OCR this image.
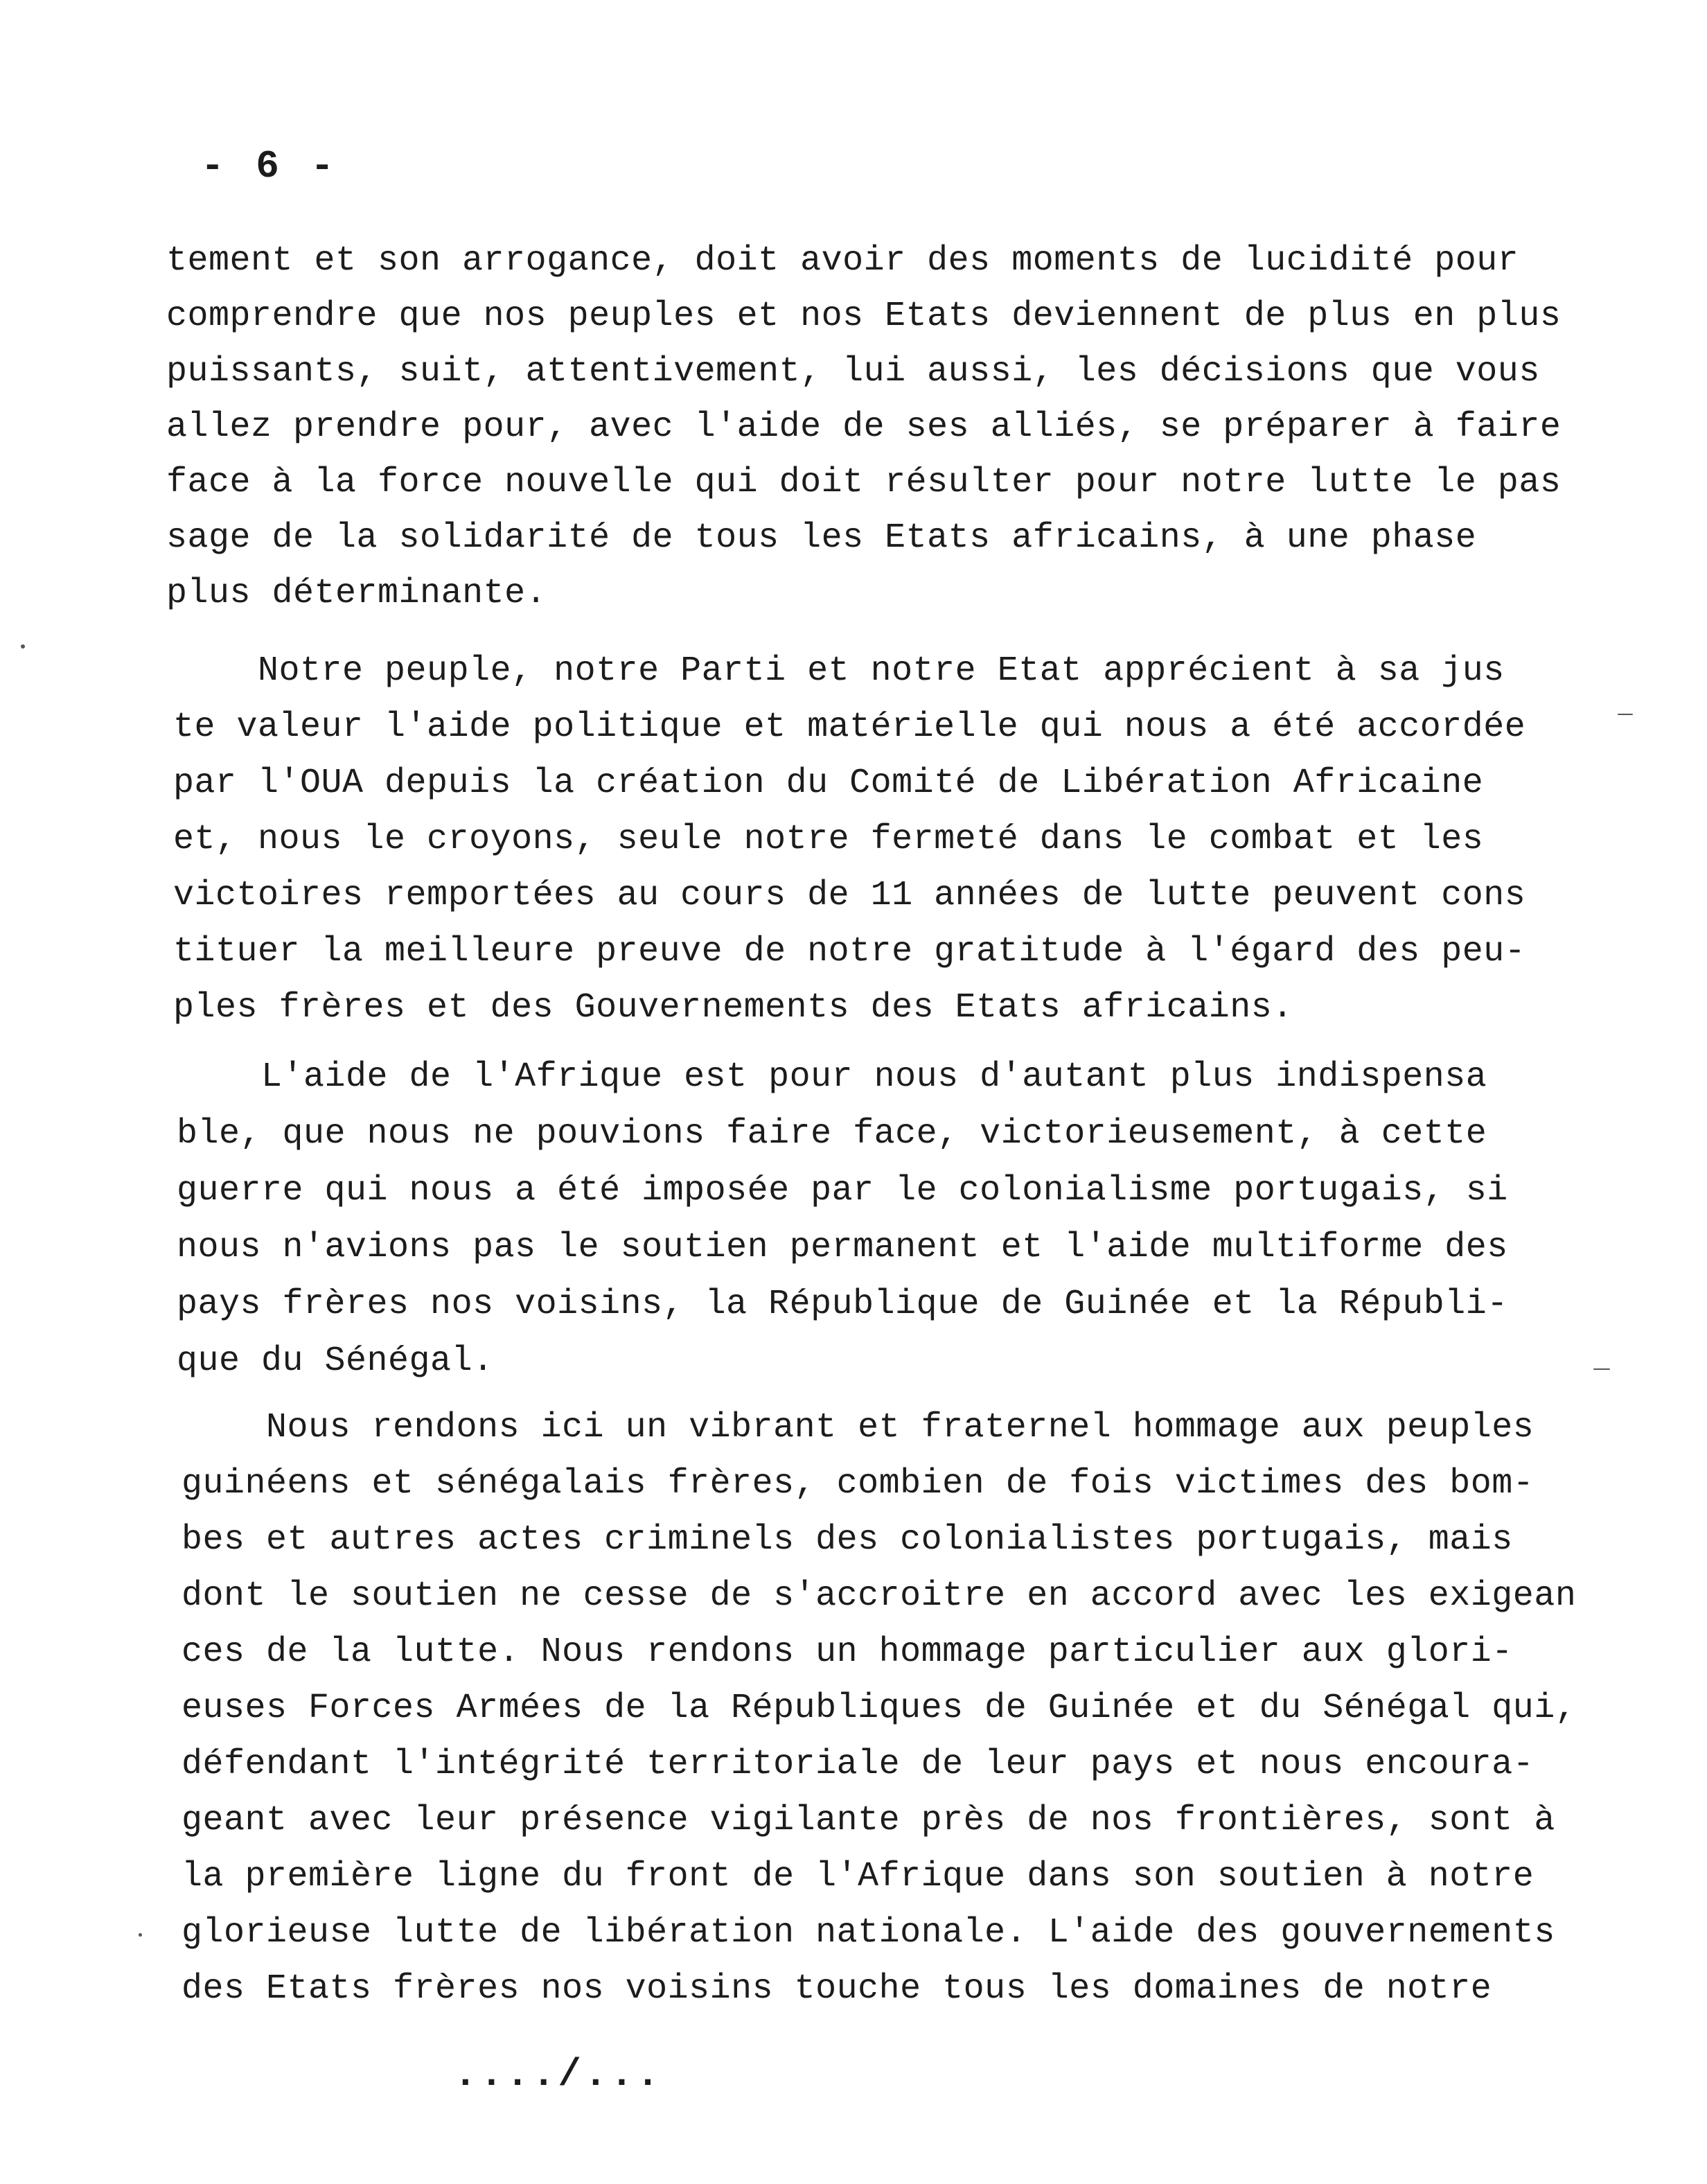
- 6 -
tement et son arrogance, doit avoir des moments de lucidité pour
comprendre que nos peuples et nos Etats deviennent de plus en plus
puissants, suit, attentivement, lui aussi, les décisions que vous
allez prendre pour, avec l'aide de ses alliés, se préparer à faire
face à la force nouvelle qui doit résulter pour notre lutte le pas
sage de la solidarité de tous les Etats africains, à une phase
plus déterminante.
Notre peuple, notre Parti et notre Etat apprécient à sa jus
te valeur l'aide politique et matérielle qui nous a été accordée
par l'OUA depuis la création du Comité de Libération Africaine
et, nous le croyons, seule notre fermeté dans le combat et les
victoires remportées au cours de 11 années de lutte peuvent cons
tituer la meilleure preuve de notre gratitude à l'égard des peu-
ples frères et des Gouvernements des Etats africains.
L'aide de l'Afrique est pour nous d'autant plus indispensa
ble, que nous ne pouvions faire face, victorieusement, à cette
guerre qui nous a été imposée par le colonialisme portugais, si
nous n'avions pas le soutien permanent et l'aide multiforme des
pays frères nos voisins, la République de Guinée et la Républi-
que du Sénégal.
Nous rendons ici un vibrant et fraternel hommage aux peuples
guinéens et sénégalais frères, combien de fois victimes des bom-
bes et autres actes criminels des colonialistes portugais, mais
dont le soutien ne cesse de s'accroitre en accord avec les exigean
ces de la lutte. Nous rendons un hommage particulier aux glori-
euses Forces Armées de la Républiques de Guinée et du Sénégal qui,
défendant l'intégrité territoriale de leur pays et nous encoura-
geant avec leur présence vigilante près de nos frontières, sont à
la première ligne du front de l'Afrique dans son soutien à notre
glorieuse lutte de libération nationale. L'aide des gouvernements
des Etats frères nos voisins touche tous les domaines de notre
..../...
